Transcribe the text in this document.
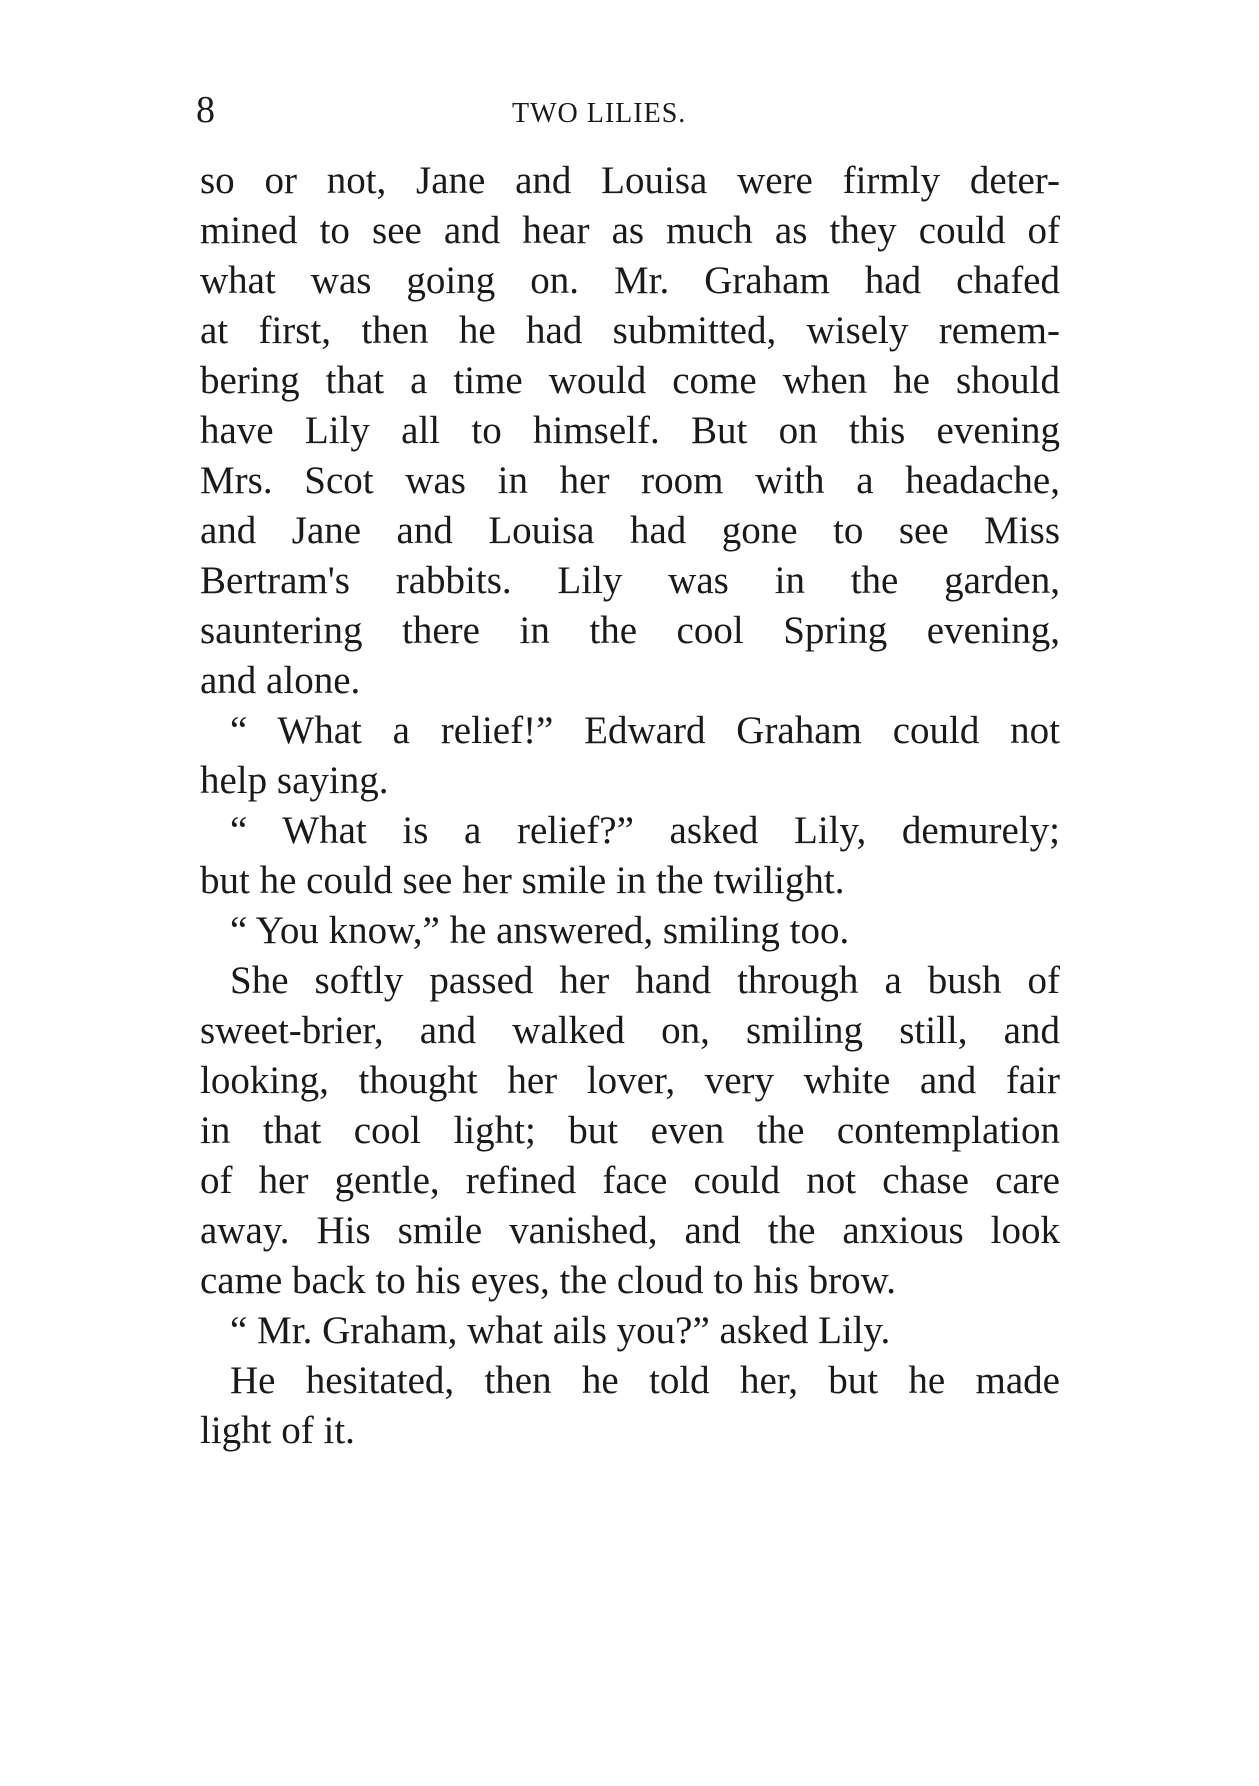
8	TWO LILIES.
so or not, Jane and Louisa were firmly deter-
mined to see and hear as much as they could of
what was going on. Mr. Graham had chafed
at first, then he had submitted, wisely remem-
bering that a time would come when he should
have Lily all to himself. But on this evening
Mrs. Scot was in her room with a headache,
and Jane and Louisa had gone to see Miss
Bertram's rabbits. Lily was in the garden,
sauntering there in the cool Spring evening,
and alone.
“ What a relief!” Edward Graham could not
help saying.
“ What is a relief?” asked Lily, demurely;
but he could see her smile in the twilight.
“ You know,” he answered, smiling too.
She softly passed her hand through a bush of
sweet-brier, and walked on, smiling still, and
looking, thought her lover, very white and fair
in that cool light; but even the contemplation
of her gentle, refined face could not chase care
away. His smile vanished, and the anxious look
came back to his eyes, the cloud to his brow.
“ Mr. Graham, what ails you?” asked Lily.
He hesitated, then he told her, but he made
light of it.
